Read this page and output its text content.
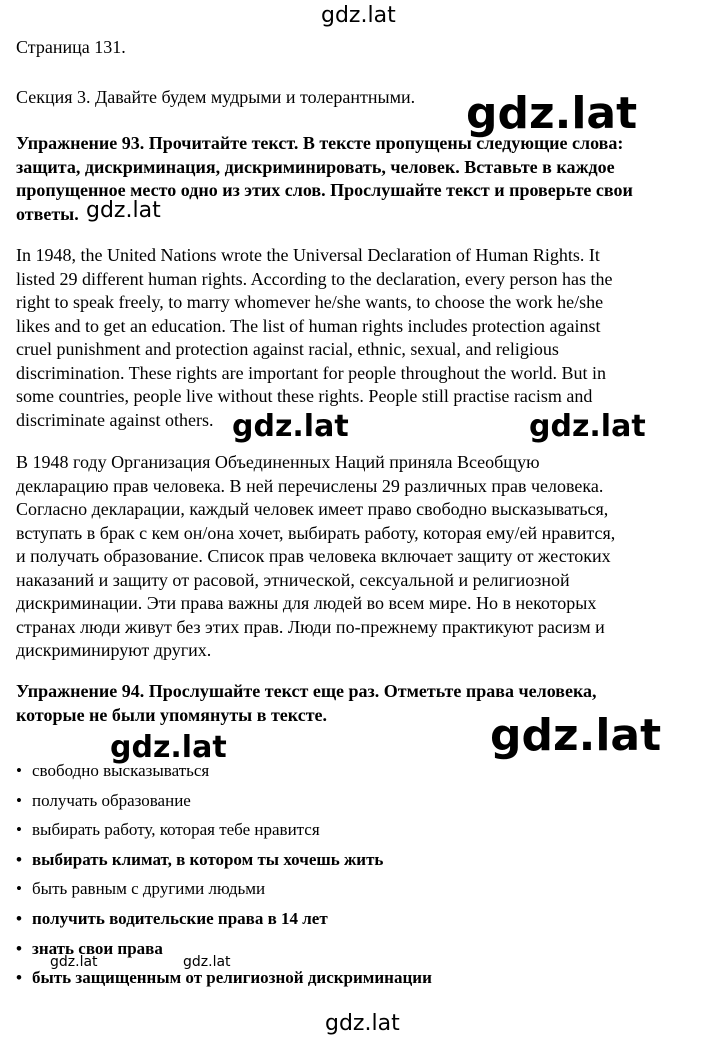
gdz.lat
gdz.lat
gdz.lat
gdz.lat	gdz.lat
gdz.lat
gdz.lat
gdz.lat	gdz.lat
gdz.lat
Страница 131.
Секция 3. Давайте будем мудрыми и толерантными.
Упражнение 93. Прочитайте текст. В тексте пропущены следующие слова:
защита, дискриминация, дискриминировать, человек. Вставьте в каждое
пропущенное место одно из этих слов. Прослушайте текст и проверьте свои
ответы.
In 1948, the United Nations wrote the Universal Declaration of Human Rights. It
listed 29 different human rights. According to the declaration, every person has the
right to speak freely, to marry whomever he/she wants, to choose the work he/she
likes and to get an education. The list of human rights includes protection against
cruel punishment and protection against racial, ethnic, sexual, and religious
discrimination. These rights are important for people throughout the world. But in
some countries, people live without these rights. People still practise racism and
discriminate against others.
В 1948 году Организация Объединенных Наций приняла Всеобщую
декларацию прав человека. В ней перечислены 29 различных прав человека.
Согласно декларации, каждый человек имеет право свободно высказываться,
вступать в брак с кем он/она хочет, выбирать работу, которая ему/ей нравится,
и получать образование. Список прав человека включает защиту от жестоких
наказаний и защиту от расовой, этнической, сексуальной и религиозной
дискриминации. Эти права важны для людей во всем мире. Но в некоторых
странах люди живут без этих прав. Люди по-прежнему практикуют расизм и
дискриминируют других.
Упражнение 94. Прослушайте текст еще раз. Отметьте права человека,
которые не были упомянуты в тексте.
• свободно высказываться
• получать образование
• выбирать работу, которая тебе нравится
• выбирать климат, в котором ты хочешь жить
• быть равным с другими людьми
• получить водительские права в 14 лет
• знать свои права
• быть защищенным от религиозной дискриминации
